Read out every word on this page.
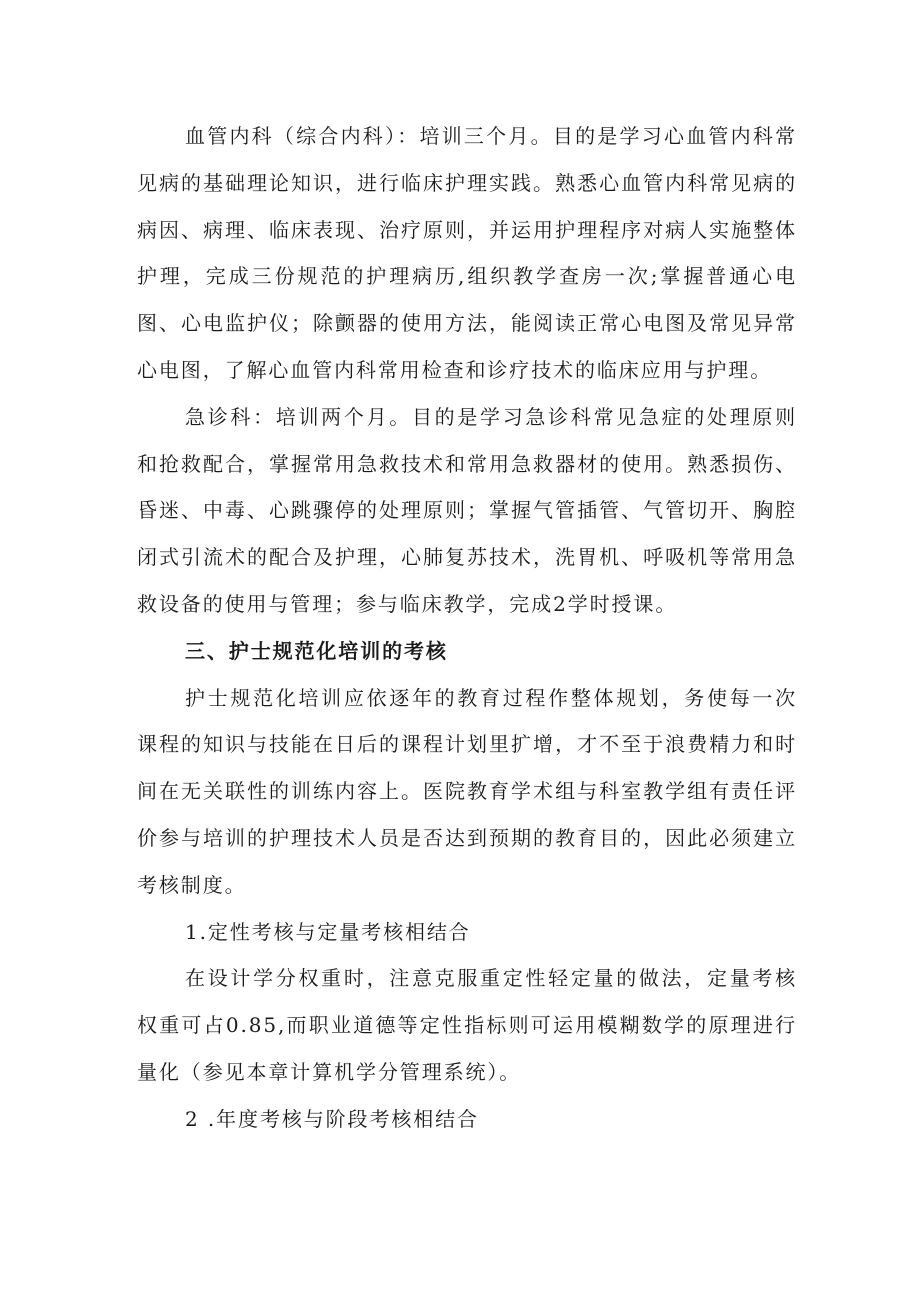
血管内科（综合内科）：培训三个月。目的是学习心血管内科常见病的基础理论知识，进行临床护理实践。熟悉心血管内科常见病的病因、病理、临床表现、治疗原则，并运用护理程序对病人实施整体护理，完成三份规范的护理病历,组织教学查房一次;掌握普通心电图、心电监护仪；除颤器的使用方法，能阅读正常心电图及常见异常心电图，了解心血管内科常用检查和诊疗技术的临床应用与护理。

急诊科：培训两个月。目的是学习急诊科常见急症的处理原则和抢救配合，掌握常用急救技术和常用急救器材的使用。熟悉损伤、昏迷、中毒、心跳骤停的处理原则；掌握气管插管、气管切开、胸腔闭式引流术的配合及护理，心肺复苏技术，洗胃机、呼吸机等常用急救设备的使用与管理；参与临床教学，完成2学时授课。

三、护士规范化培训的考核

护士规范化培训应依逐年的教育过程作整体规划，务使每一次课程的知识与技能在日后的课程计划里扩增，才不至于浪费精力和时间在无关联性的训练内容上。医院教育学术组与科室教学组有责任评价参与培训的护理技术人员是否达到预期的教育目的，因此必须建立考核制度。

1.定性考核与定量考核相结合

在设计学分权重时，注意克服重定性轻定量的做法，定量考核权重可占0.85,而职业道德等定性指标则可运用模糊数学的原理进行量化（参见本章计算机学分管理系统）。

2 .年度考核与阶段考核相结合
